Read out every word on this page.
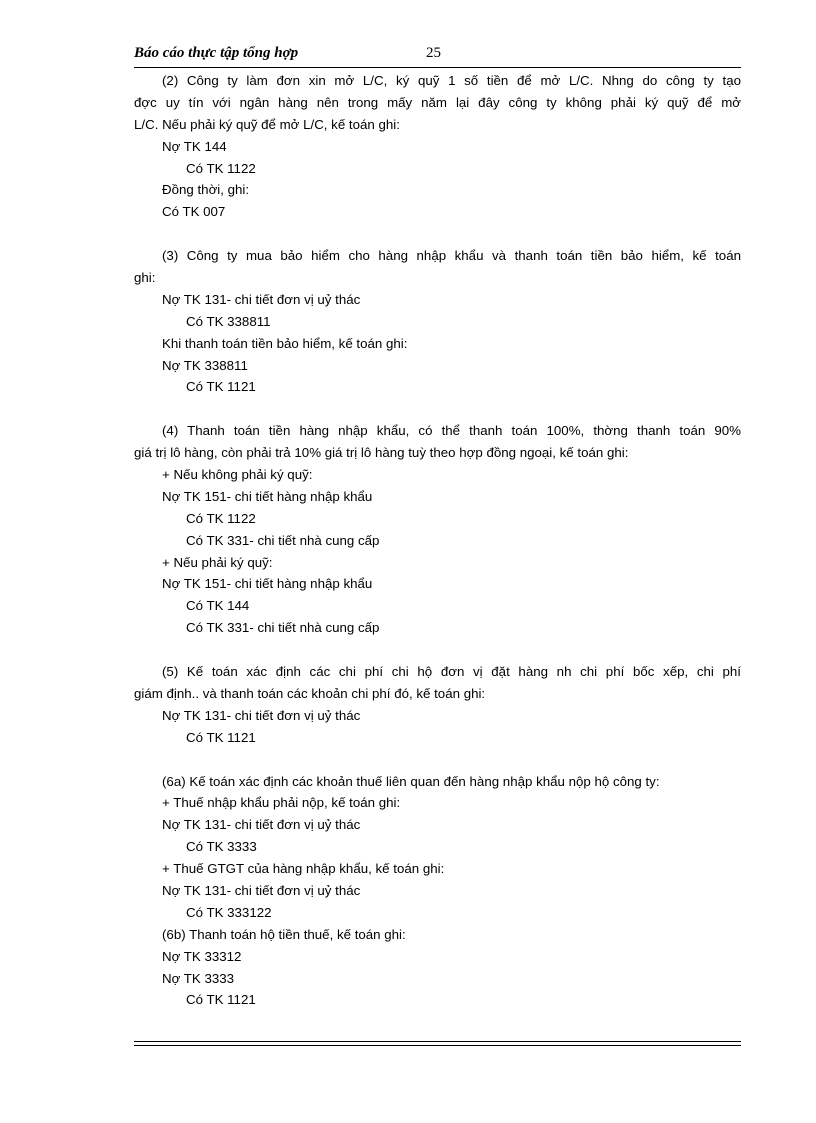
Báo cáo thực tập tổng hợp	25
(2) Công ty làm đơn xin mở L/C, ký quỹ 1 số tiền để mở L/C. Nhng do công ty tạo
đợc uy tín với ngân hàng nên trong mấy năm lại đây công ty không phải ký quỹ để mở
L/C. Nếu phải ký quỹ để mở L/C, kế toán ghi:
Nợ TK 144
Có TK 1122
Đồng thời, ghi:
Có TK 007
(3) Công ty mua bảo hiểm cho hàng nhập khẩu và thanh toán tiền bảo hiểm, kế toán
ghi:
Nợ TK 131- chi tiết đơn vị uỷ thác
Có TK 338811
Khi thanh toán tiền bảo hiểm, kế toán ghi:
Nợ TK 338811
Có TK 1121
(4) Thanh toán tiền hàng nhập khẩu, có thể thanh toán 100%, thờng thanh toán 90%
giá trị lô hàng, còn phải trả 10% giá trị lô hàng tuỳ theo hợp đồng ngoại, kế toán ghi:
+ Nếu không phải ký quỹ:
Nợ TK 151- chi tiết hàng nhập khẩu
Có TK 1122
Có TK 331- chi tiết nhà cung cấp
+ Nếu phải ký quỹ:
Nợ TK 151- chi tiết hàng nhập khẩu
Có TK 144
Có TK 331- chi tiết nhà cung cấp
(5) Kế toán xác định các chi phí chi hộ đơn vị đặt hàng nh chi phí bốc xếp, chi phí
giám định.. và thanh toán các khoản chi phí đó, kế toán ghi:
Nợ TK 131- chi tiết đơn vị uỷ thác
Có TK 1121
(6a) Kế toán xác định các khoản thuế liên quan đến hàng nhập khẩu nộp hộ công ty:
+ Thuế nhập khẩu phải nộp, kế toán ghi:
Nợ TK 131- chi tiết đơn vị uỷ thác
Có TK 3333
+ Thuế GTGT của hàng nhập khẩu, kế toán ghi:
Nợ TK 131- chi tiết đơn vị uỷ thác
Có TK 333122
(6b) Thanh toán hộ tiền thuế, kế toán ghi:
Nợ TK 33312
Nợ TK 3333
Có TK 1121
